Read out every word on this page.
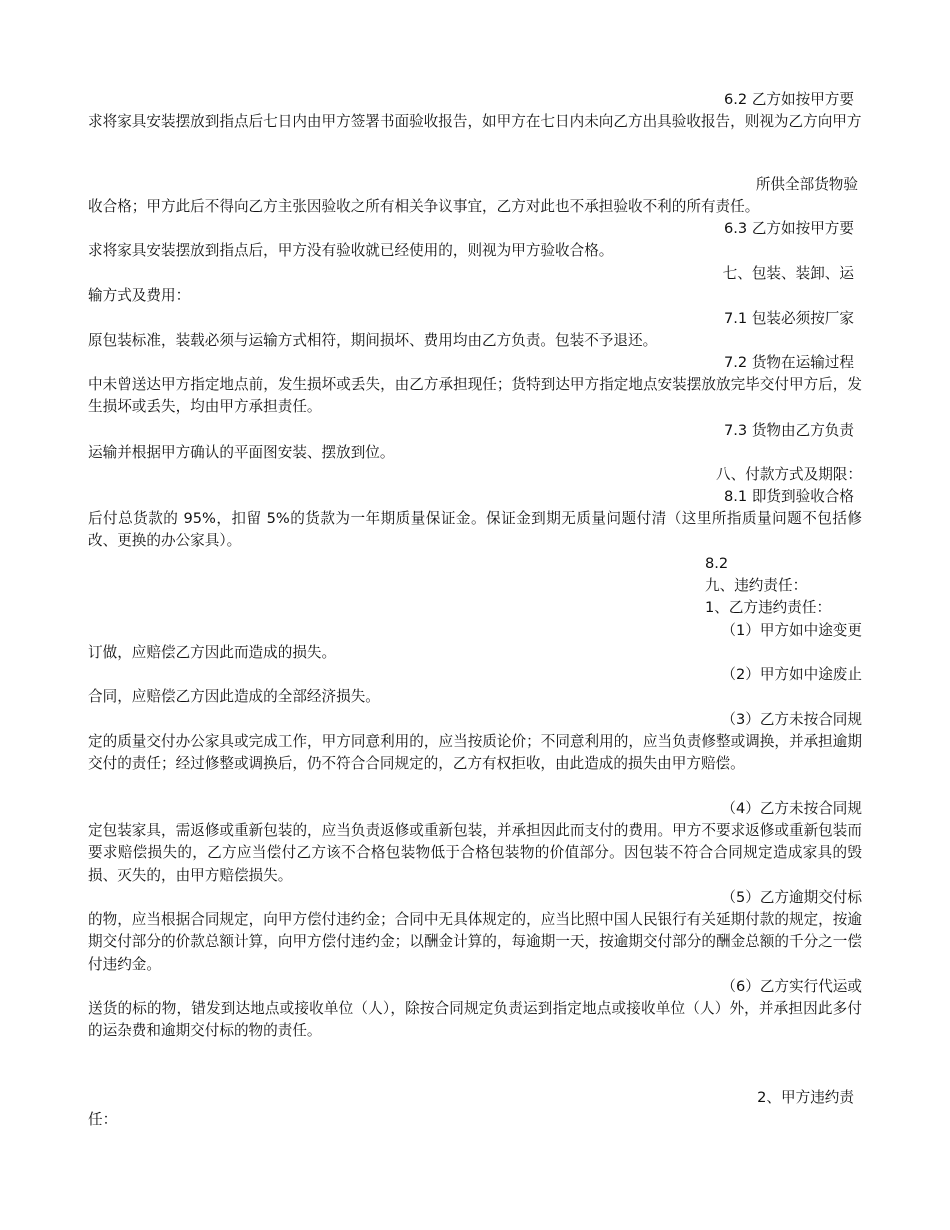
6.2 乙方如按甲方要
求将家具安装摆放到指点后七日内由甲方签署书面验收报告，如甲方在七日内未向乙方出具验收报告，则视为乙方向甲方
所供全部货物验
收合格；甲方此后不得向乙方主张因验收之所有相关争议事宜，乙方对此也不承担验收不利的所有责任。
6.3 乙方如按甲方要
求将家具安装摆放到指点后，甲方没有验收就已经使用的，则视为甲方验收合格。
七、包装、装卸、运
输方式及费用：
7.1 包装必须按厂家
原包装标准，装载必须与运输方式相符，期间损坏、费用均由乙方负责。包装不予退还。
7.2 货物在运输过程
中未曾送达甲方指定地点前，发生损坏或丢失，由乙方承担现任；货特到达甲方指定地点安装摆放放完毕交付甲方后，发生损坏或丢失，均由甲方承担责任。
7.3 货物由乙方负责
运输并根据甲方确认的平面图安装、摆放到位。
八、付款方式及期限：
8.1 即货到验收合格
后付总货款的 95%，扣留 5%的货款为一年期质量保证金。保证金到期无质量问题付清（这里所指质量问题不包括修改、更换的办公家具）。
8.2
九、违约责任：
1、乙方违约责任：
（1）甲方如中途变更
订做，应赔偿乙方因此而造成的损失。
（2）甲方如中途废止
合同，应赔偿乙方因此造成的全部经济损失。
（3）乙方未按合同规
定的质量交付办公家具或完成工作，甲方同意利用的，应当按质论价；不同意利用的，应当负责修整或调换，并承担逾期交付的责任；经过修整或调换后，仍不符合合同规定的，乙方有权拒收，由此造成的损失由甲方赔偿。
（4）乙方未按合同规
定包装家具，需返修或重新包装的，应当负责返修或重新包装，并承担因此而支付的费用。甲方不要求返修或重新包装而要求赔偿损失的，乙方应当偿付乙方该不合格包装物低于合格包装物的价值部分。因包装不符合合同规定造成家具的毁损、灭失的，由甲方赔偿损失。
（5）乙方逾期交付标
的物，应当根据合同规定，向甲方偿付违约金；合同中无具体规定的，应当比照中国人民银行有关延期付款的规定，按逾期交付部分的价款总额计算，向甲方偿付违约金；以酬金计算的，每逾期一天，按逾期交付部分的酬金总额的千分之一偿付违约金。
（6）乙方实行代运或
送货的标的物，错发到达地点或接收单位（人），除按合同规定负责运到指定地点或接收单位（人）外，并承担因此多付的运杂费和逾期交付标的物的责任。
2、甲方违约责
任：
